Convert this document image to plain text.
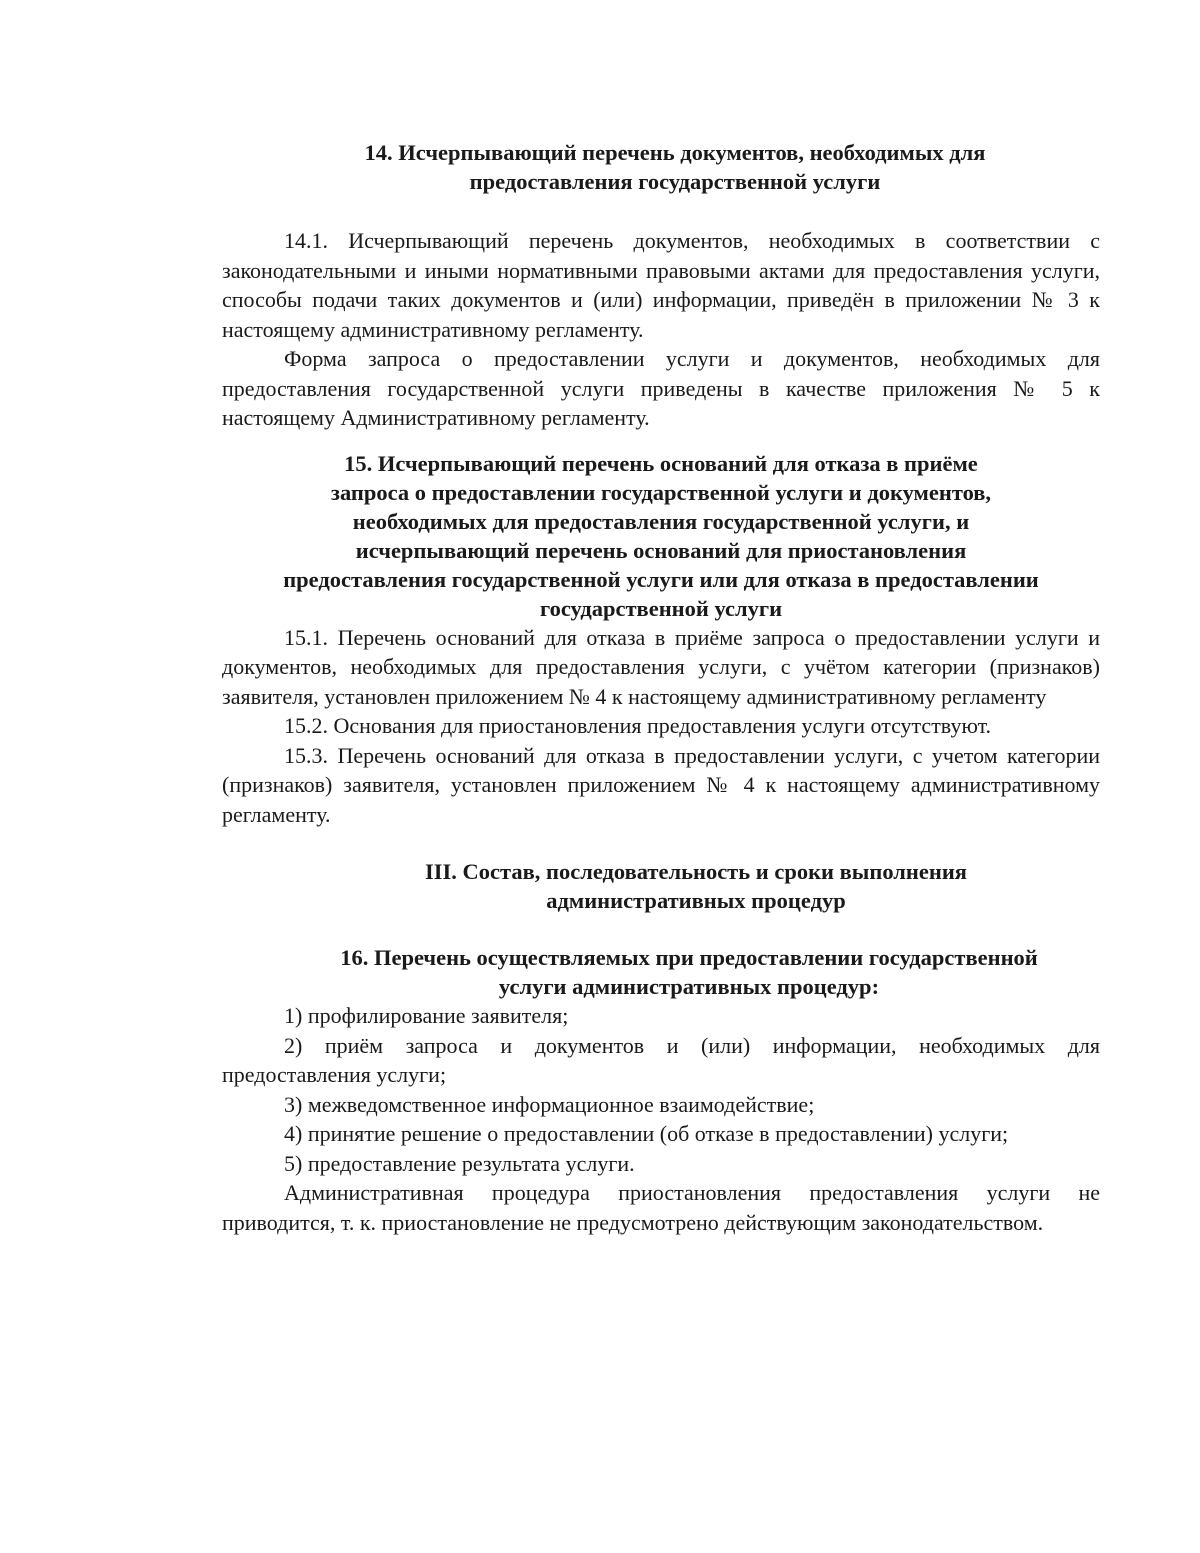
14. Исчерпывающий перечень документов, необходимых для
предоставления государственной услуги

14.1. Исчерпывающий перечень документов, необходимых в соответствии с законодательными и иными нормативными правовыми актами для предоставления услуги, способы подачи таких документов и (или) информации, приведён в приложении № 3 к настоящему административному регламенту.

Форма запроса о предоставлении услуги и документов, необходимых для предоставления государственной услуги приведены в качестве приложения № 5 к настоящему Административному регламенту.

15. Исчерпывающий перечень оснований для отказа в приёме
запроса о предоставлении государственной услуги и документов,
необходимых для предоставления государственной услуги, и
исчерпывающий перечень оснований для приостановления
предоставления государственной услуги или для отказа в предоставлении
государственной услуги

15.1. Перечень оснований для отказа в приёме запроса о предоставлении услуги и документов, необходимых для предоставления услуги, с учётом категории (признаков) заявителя, установлен приложением № 4 к настоящему административному регламенту

15.2. Основания для приостановления предоставления услуги отсутствуют.

15.3. Перечень оснований для отказа в предоставлении услуги, с учетом категории (признаков) заявителя, установлен приложением № 4 к настоящему административному регламенту.

III. Состав, последовательность и сроки выполнения
административных процедур
16. Перечень осуществляемых при предоставлении государственной
услуги административных процедур:

1) профилирование заявителя;

2) приём запроса и документов и (или) информации, необходимых для предоставления услуги;

3) межведомственное информационное взаимодействие;

4) принятие решение о предоставлении (об отказе в предоставлении) услуги;

5) предоставление результата услуги.

Административная процедура приостановления предоставления услуги не приводится, т. к. приостановление не предусмотрено действующим законодательством.
